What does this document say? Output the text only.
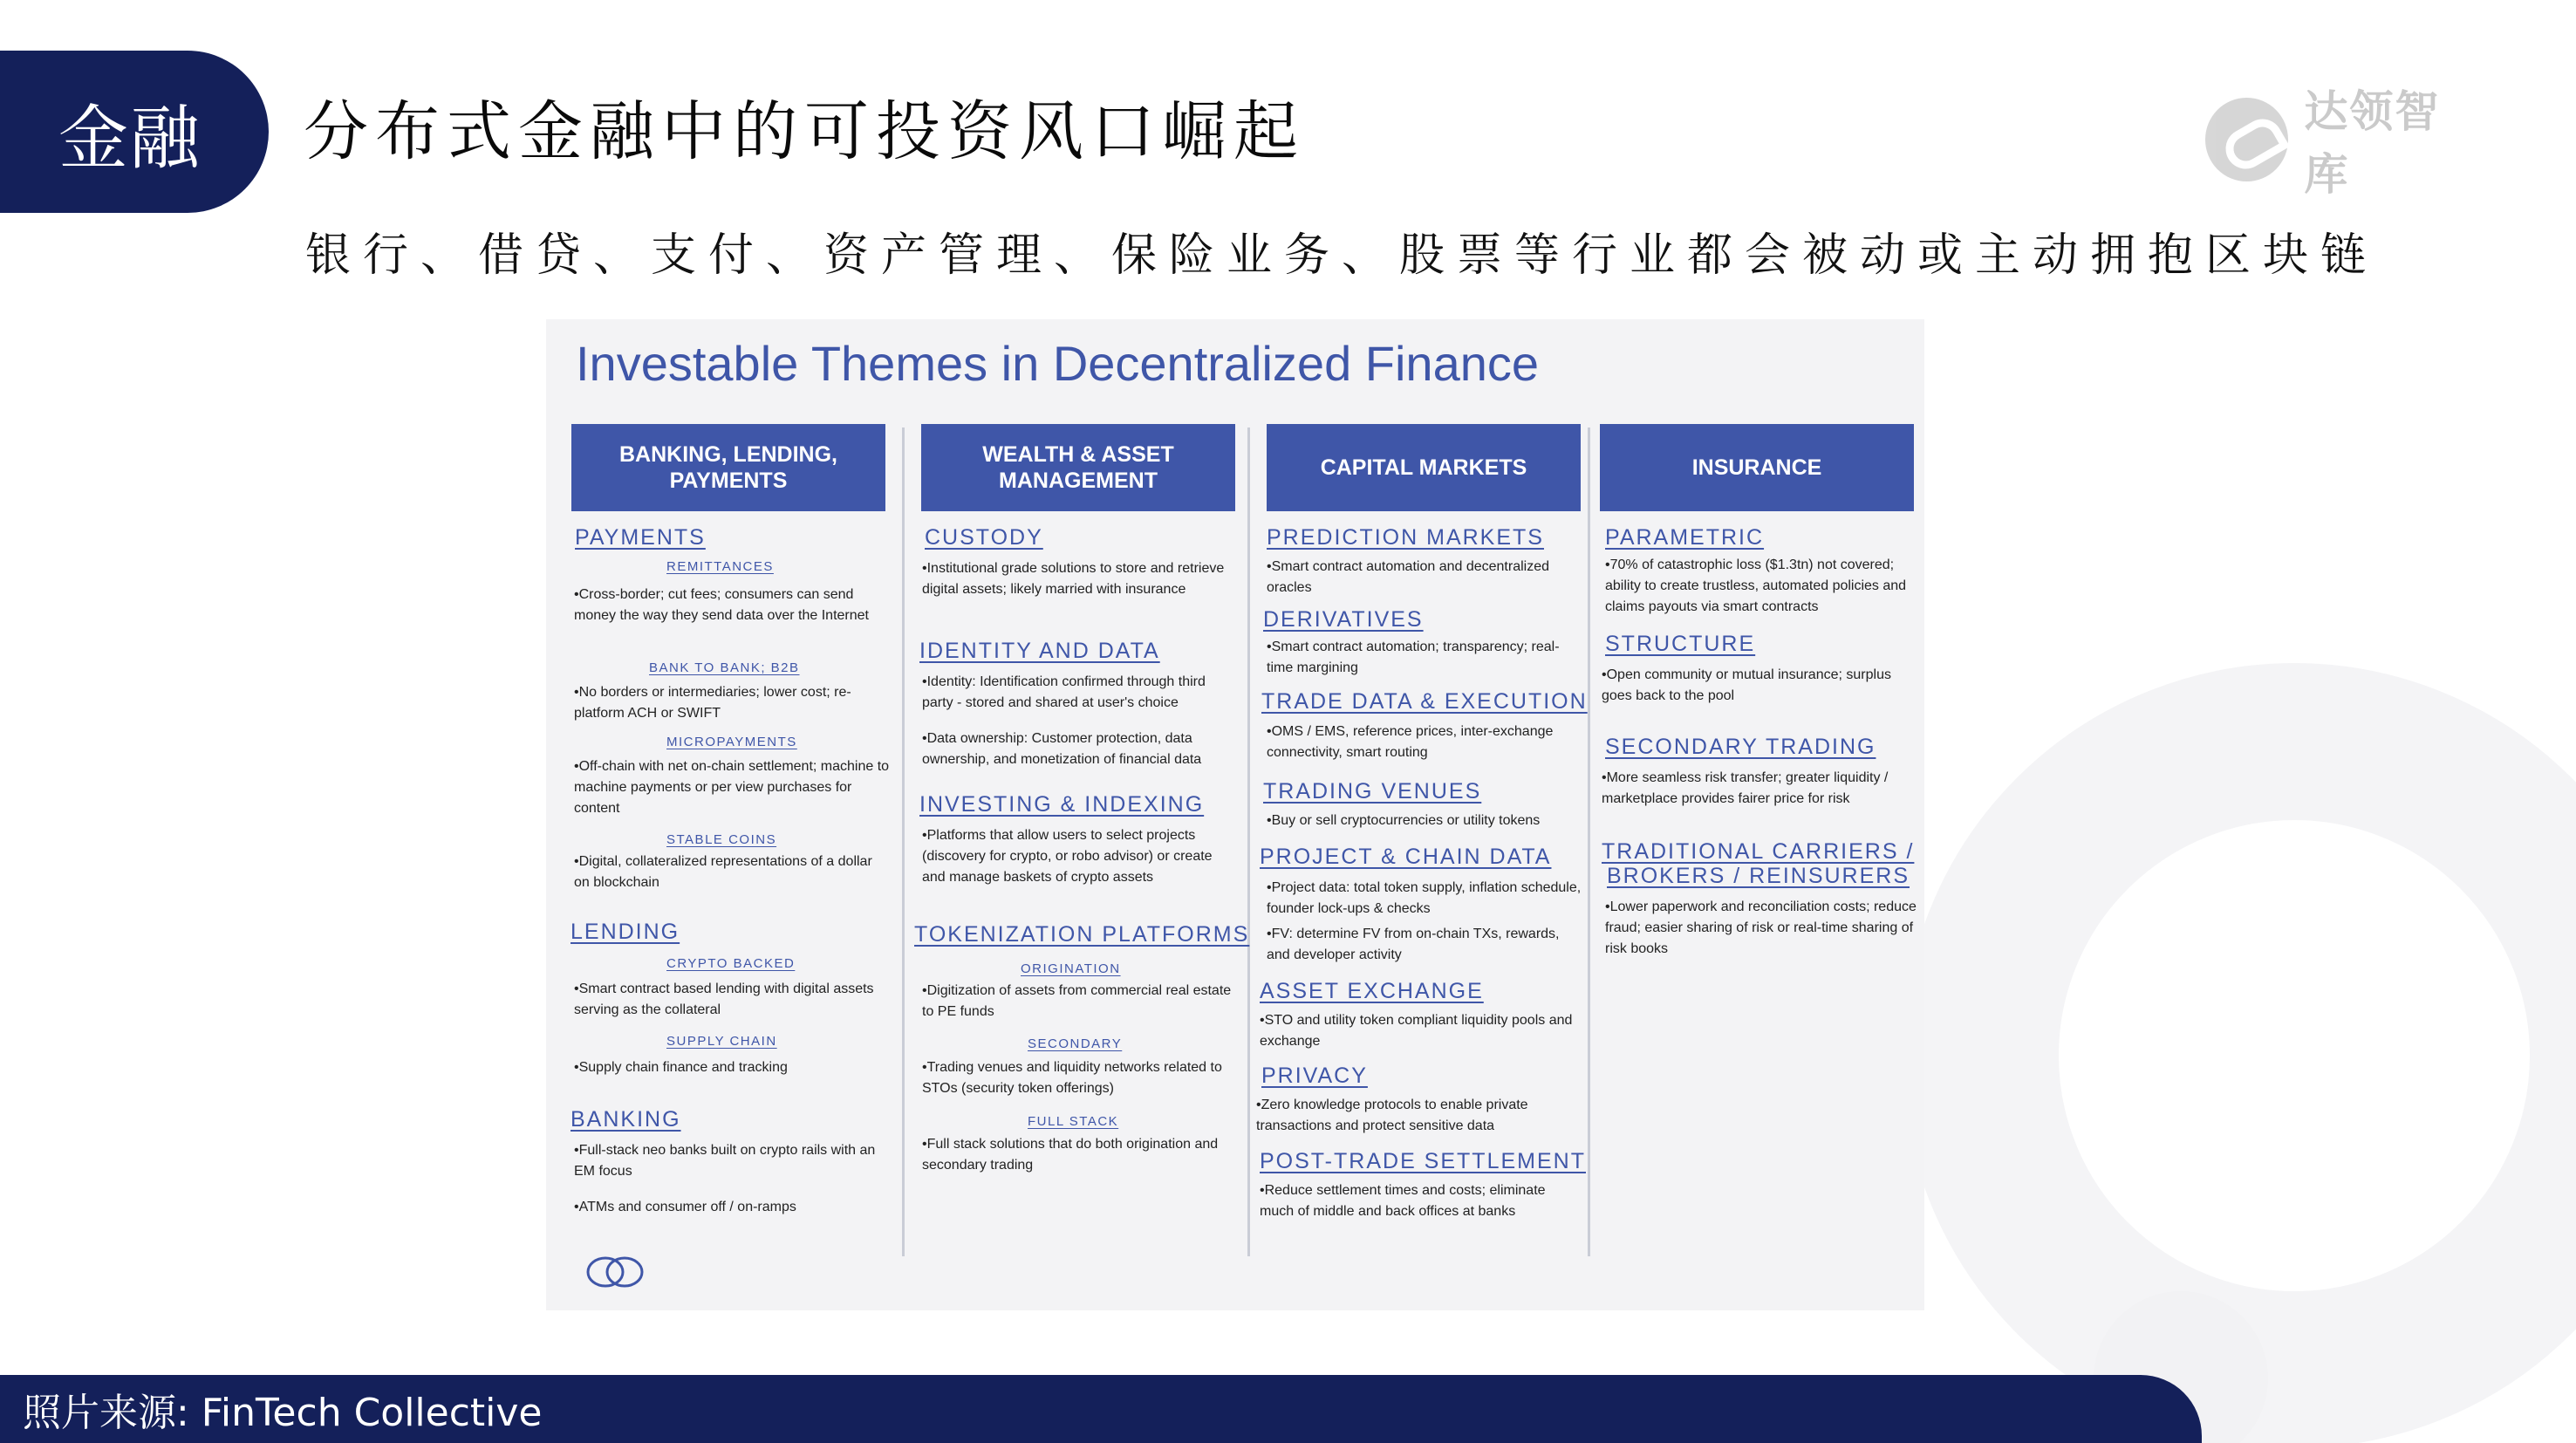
金融 分布式金融中的可投资风口崛起
银行、借贷、支付、资产管理、保险业务、股票等行业都会被动或主动拥抱区块链
达领智库
Investable Themes in Decentralized Finance
BANKING, LENDING, PAYMENTS
WEALTH & ASSET MANAGEMENT
CAPITAL MARKETS	INSURANCE
PAYMENTS
REMITTANCES
•Cross-border; cut fees; consumers can send money the way they send data over the Internet
BANK TO BANK; B2B
•No borders or intermediaries; lower cost; re-platform ACH or SWIFT
MICROPAYMENTS
•Off-chain with net on-chain settlement; machine to machine payments or per view purchases for content
STABLE COINS
•Digital, collateralized representations of a dollar on blockchain
LENDING
CRYPTO BACKED
•Smart contract based lending with digital assets serving as the collateral
SUPPLY CHAIN
•Supply chain finance and tracking
BANKING
•Full-stack neo banks built on crypto rails with an EM focus
•ATMs and consumer off / on-ramps
CUSTODY
•Institutional grade solutions to store and retrieve digital assets; likely married with insurance
IDENTITY AND DATA
•Identity: Identification confirmed through third party - stored and shared at user's choice
•Data ownership: Customer protection, data ownership, and monetization of financial data
INVESTING & INDEXING
•Platforms that allow users to select projects (discovery for crypto, or robo advisor) or create and manage baskets of crypto assets
TOKENIZATION PLATFORMS
ORIGINATION
•Digitization of assets from commercial real estate to PE funds
SECONDARY
•Trading venues and liquidity networks related to STOs (security token offerings)
FULL STACK
•Full stack solutions that do both origination and secondary trading
PREDICTION MARKETS
•Smart contract automation and decentralized oracles
DERIVATIVES
•Smart contract automation; transparency; real-time margining
TRADE DATA & EXECUTION
•OMS / EMS, reference prices, inter-exchange connectivity, smart routing
TRADING VENUES
•Buy or sell cryptocurrencies or utility tokens
PROJECT & CHAIN DATA
•Project data: total token supply, inflation schedule, founder lock-ups & checks
•FV: determine FV from on-chain TXs, rewards, and developer activity
ASSET EXCHANGE
•STO and utility token compliant liquidity pools and exchange
PRIVACY
•Zero knowledge protocols to enable private transactions and protect sensitive data
POST-TRADE SETTLEMENT
•Reduce settlement times and costs; eliminate much of middle and back offices at banks
PARAMETRIC
•70% of catastrophic loss ($1.3tn) not covered; ability to create trustless, automated policies and claims payouts via smart contracts
STRUCTURE
•Open community or mutual insurance; surplus goes back to the pool
SECONDARY TRADING
•More seamless risk transfer; greater liquidity / marketplace provides fairer price for risk
TRADITIONAL CARRIERS /
BROKERS / REINSURERS
•Lower paperwork and reconciliation costs; reduce fraud; easier sharing of risk or real-time sharing of risk books
照片来源: FinTech Collective
